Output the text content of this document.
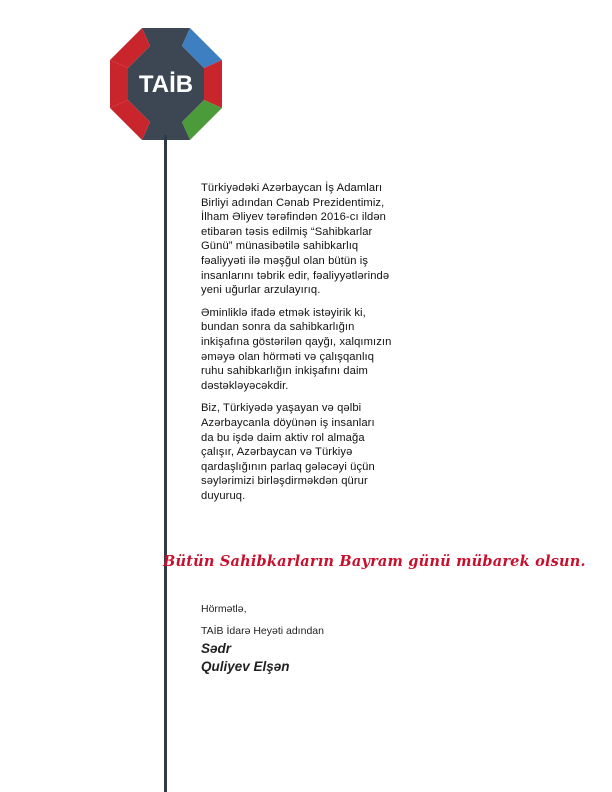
TAİB

Türkiyədəki Azərbaycan İş Adamları
Birliyi adından Cənab Prezidentimiz,
İlham Əliyev tərəfindən 2016-cı ildən
etibarən təsis edilmiş “Sahibkarlar
Günü” münasibətilə sahibkarlıq
fəaliyyəti ilə məşğul olan bütün iş
insanlarını təbrik edir, fəaliyyətlərində
yeni uğurlar arzulayırıq.

Əminliklə ifadə etmək istəyirik ki,
bundan sonra da sahibkarlığın
inkişafına göstərilən qayğı, xalqımızın
əməyə olan hörməti və çalışqanlıq
ruhu sahibkarlığın inkişafını daim
dəstəkləyəcəkdir.

Biz, Türkiyədə yaşayan və qəlbi
Azərbaycanla döyünən iş insanları
da bu işdə daim aktiv rol almağa
çalışır, Azərbaycan və Türkiyə
qardaşlığının parlaq gələcəyi üçün
səylərimizi birləşdirməkdən qürur
duyuruq.

Bütün Sahibkarların Bayram günü mübarek olsun.
Hörmətlə,
TAİB İdarə Heyəti adından
Sədr
Quliyev Elşən
